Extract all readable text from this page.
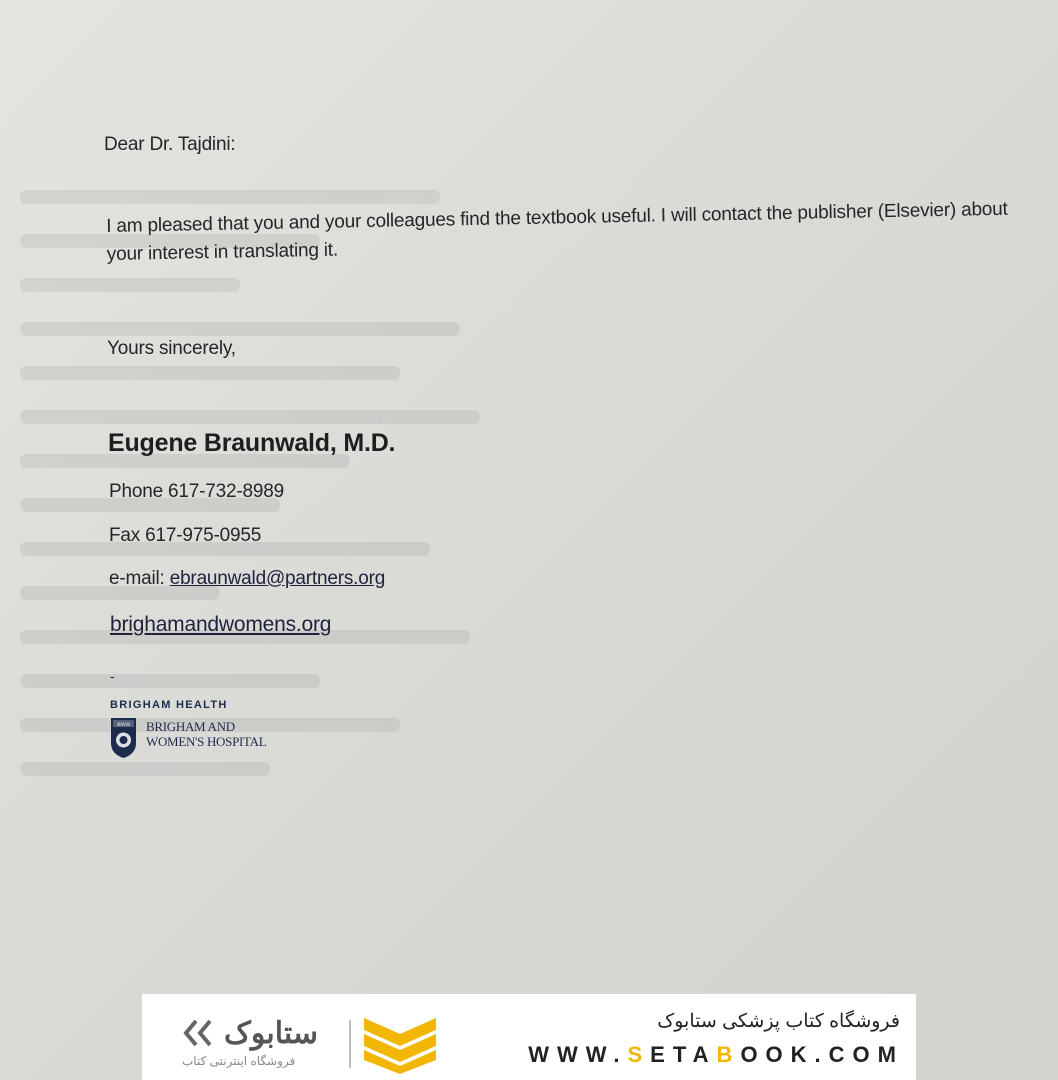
Dear Dr. Tajdini:
I am pleased that you and your colleagues find the textbook useful. I will contact the publisher (Elsevier) about
your interest in translating it.
Yours sincerely,
Eugene Braunwald, M.D.
Phone 617-732-8989
Fax 617-975-0955
e-mail: ebraunwald@partners.org
brighamandwomens.org
-
BRIGHAM HEALTH
BWH BRIGHAM AND
WOMEN'S HOSPITAL
ستابوک
فروشگاه اینترنتی کتاب
فروشگاه کتاب پزشکی ستابوک
WWW.SETABOOK.COM
